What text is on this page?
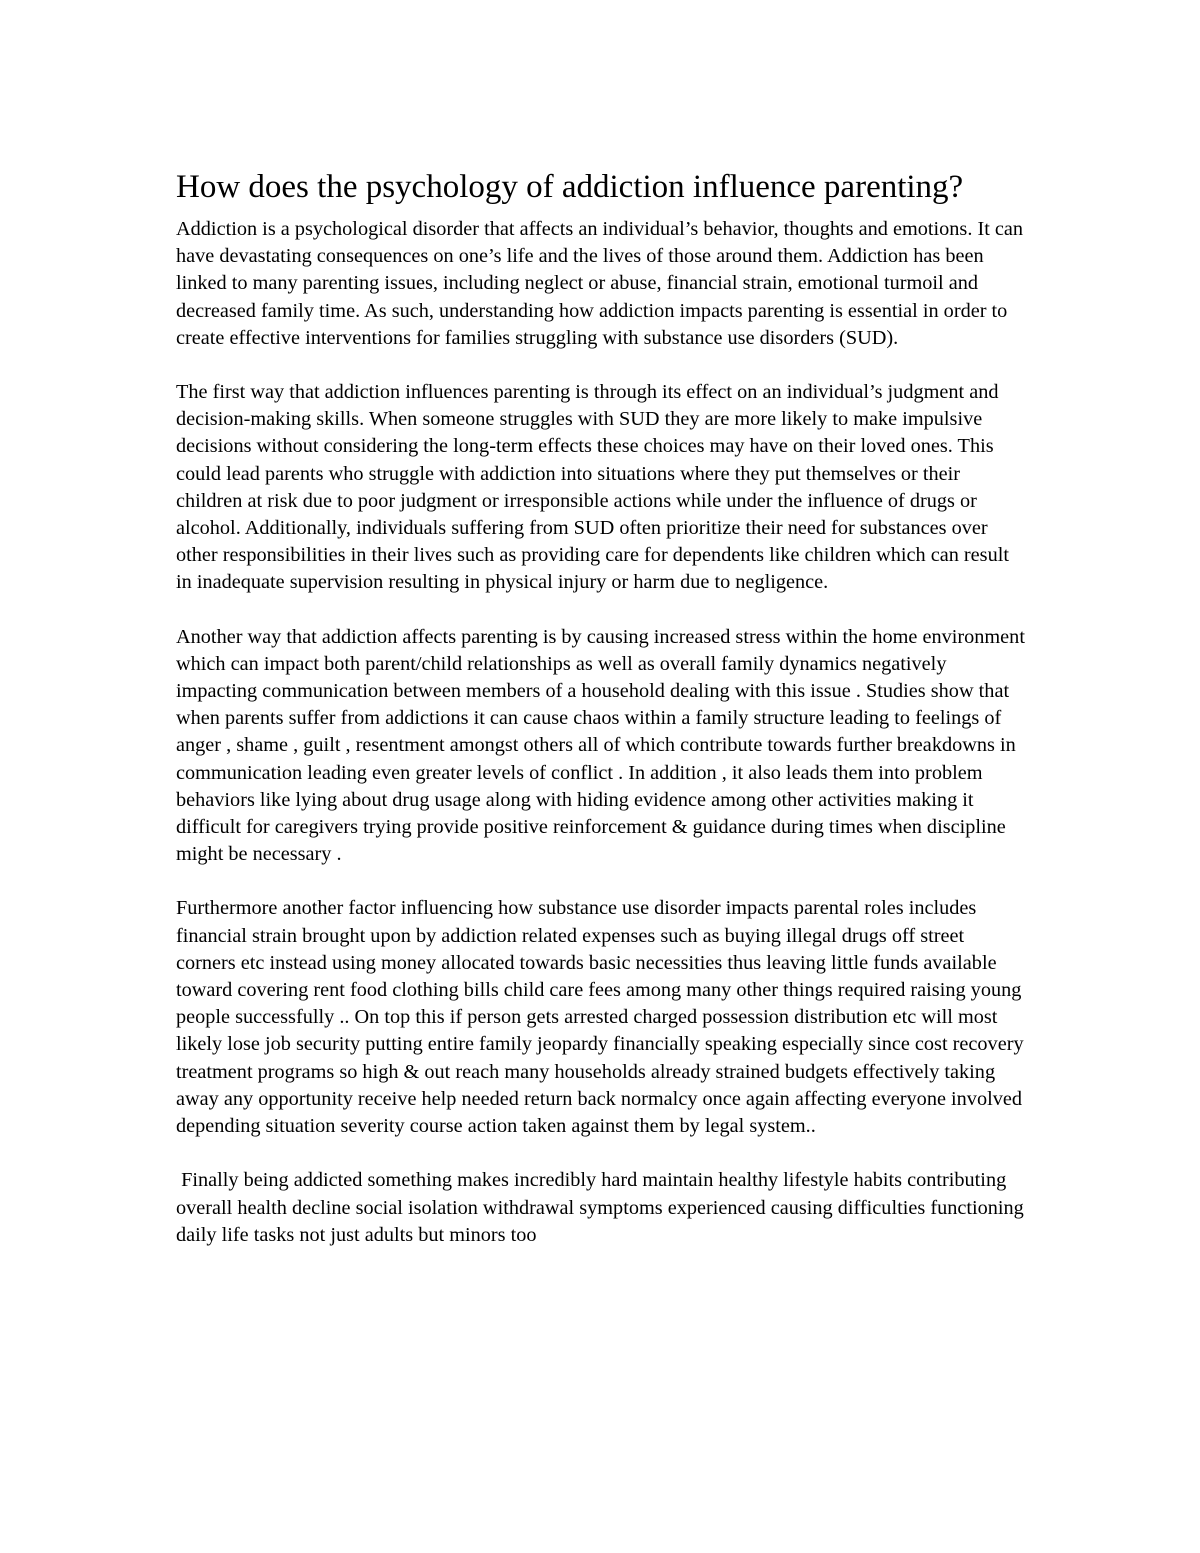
How does the psychology of addiction influence parenting?

Addiction is a psychological disorder that affects an individual’s behavior, thoughts and emotions. It can have devastating consequences on one’s life and the lives of those around them. Addiction has been linked to many parenting issues, including neglect or abuse, financial strain, emotional turmoil and decreased family time. As such, understanding how addiction impacts parenting is essential in order to create effective interventions for families struggling with substance use disorders (SUD).

The first way that addiction influences parenting is through its effect on an individual’s judgment and decision-making skills. When someone struggles with SUD they are more likely to make impulsive decisions without considering the long-term effects these choices may have on their loved ones. This could lead parents who struggle with addiction into situations where they put themselves or their children at risk due to poor judgment or irresponsible actions while under the influence of drugs or alcohol. Additionally, individuals suffering from SUD often prioritize their need for substances over other responsibilities in their lives such as providing care for dependents like children which can result in inadequate supervision resulting in physical injury or harm due to negligence.

Another way that addiction affects parenting is by causing increased stress within the home environment which can impact both parent/child relationships as well as overall family dynamics negatively impacting communication between members of a household dealing with this issue . Studies show that when parents suffer from addictions it can cause chaos within a family structure leading to feelings of anger , shame , guilt , resentment amongst others all of which contribute towards further breakdowns in communication leading even greater levels of conflict . In addition , it also leads them into problem behaviors like lying about drug usage along with hiding evidence among other activities making it difficult for caregivers trying provide positive reinforcement & guidance during times when discipline might be necessary .

Furthermore another factor influencing how substance use disorder impacts parental roles includes financial strain brought upon by addiction related expenses such as buying illegal drugs off street corners etc instead using money allocated towards basic necessities thus leaving little funds available toward covering rent food clothing bills child care fees among many other things required raising young people successfully .. On top this if person gets arrested charged possession distribution etc will most likely lose job security putting entire family jeopardy financially speaking especially since cost recovery treatment programs so high & out reach many households already strained budgets effectively taking away any opportunity receive help needed return back normalcy once again affecting everyone involved depending situation severity course action taken against them by legal system..

Finally being addicted something makes incredibly hard maintain healthy lifestyle habits contributing overall health decline social isolation withdrawal symptoms experienced causing difficulties functioning daily life tasks not just adults but minors too
